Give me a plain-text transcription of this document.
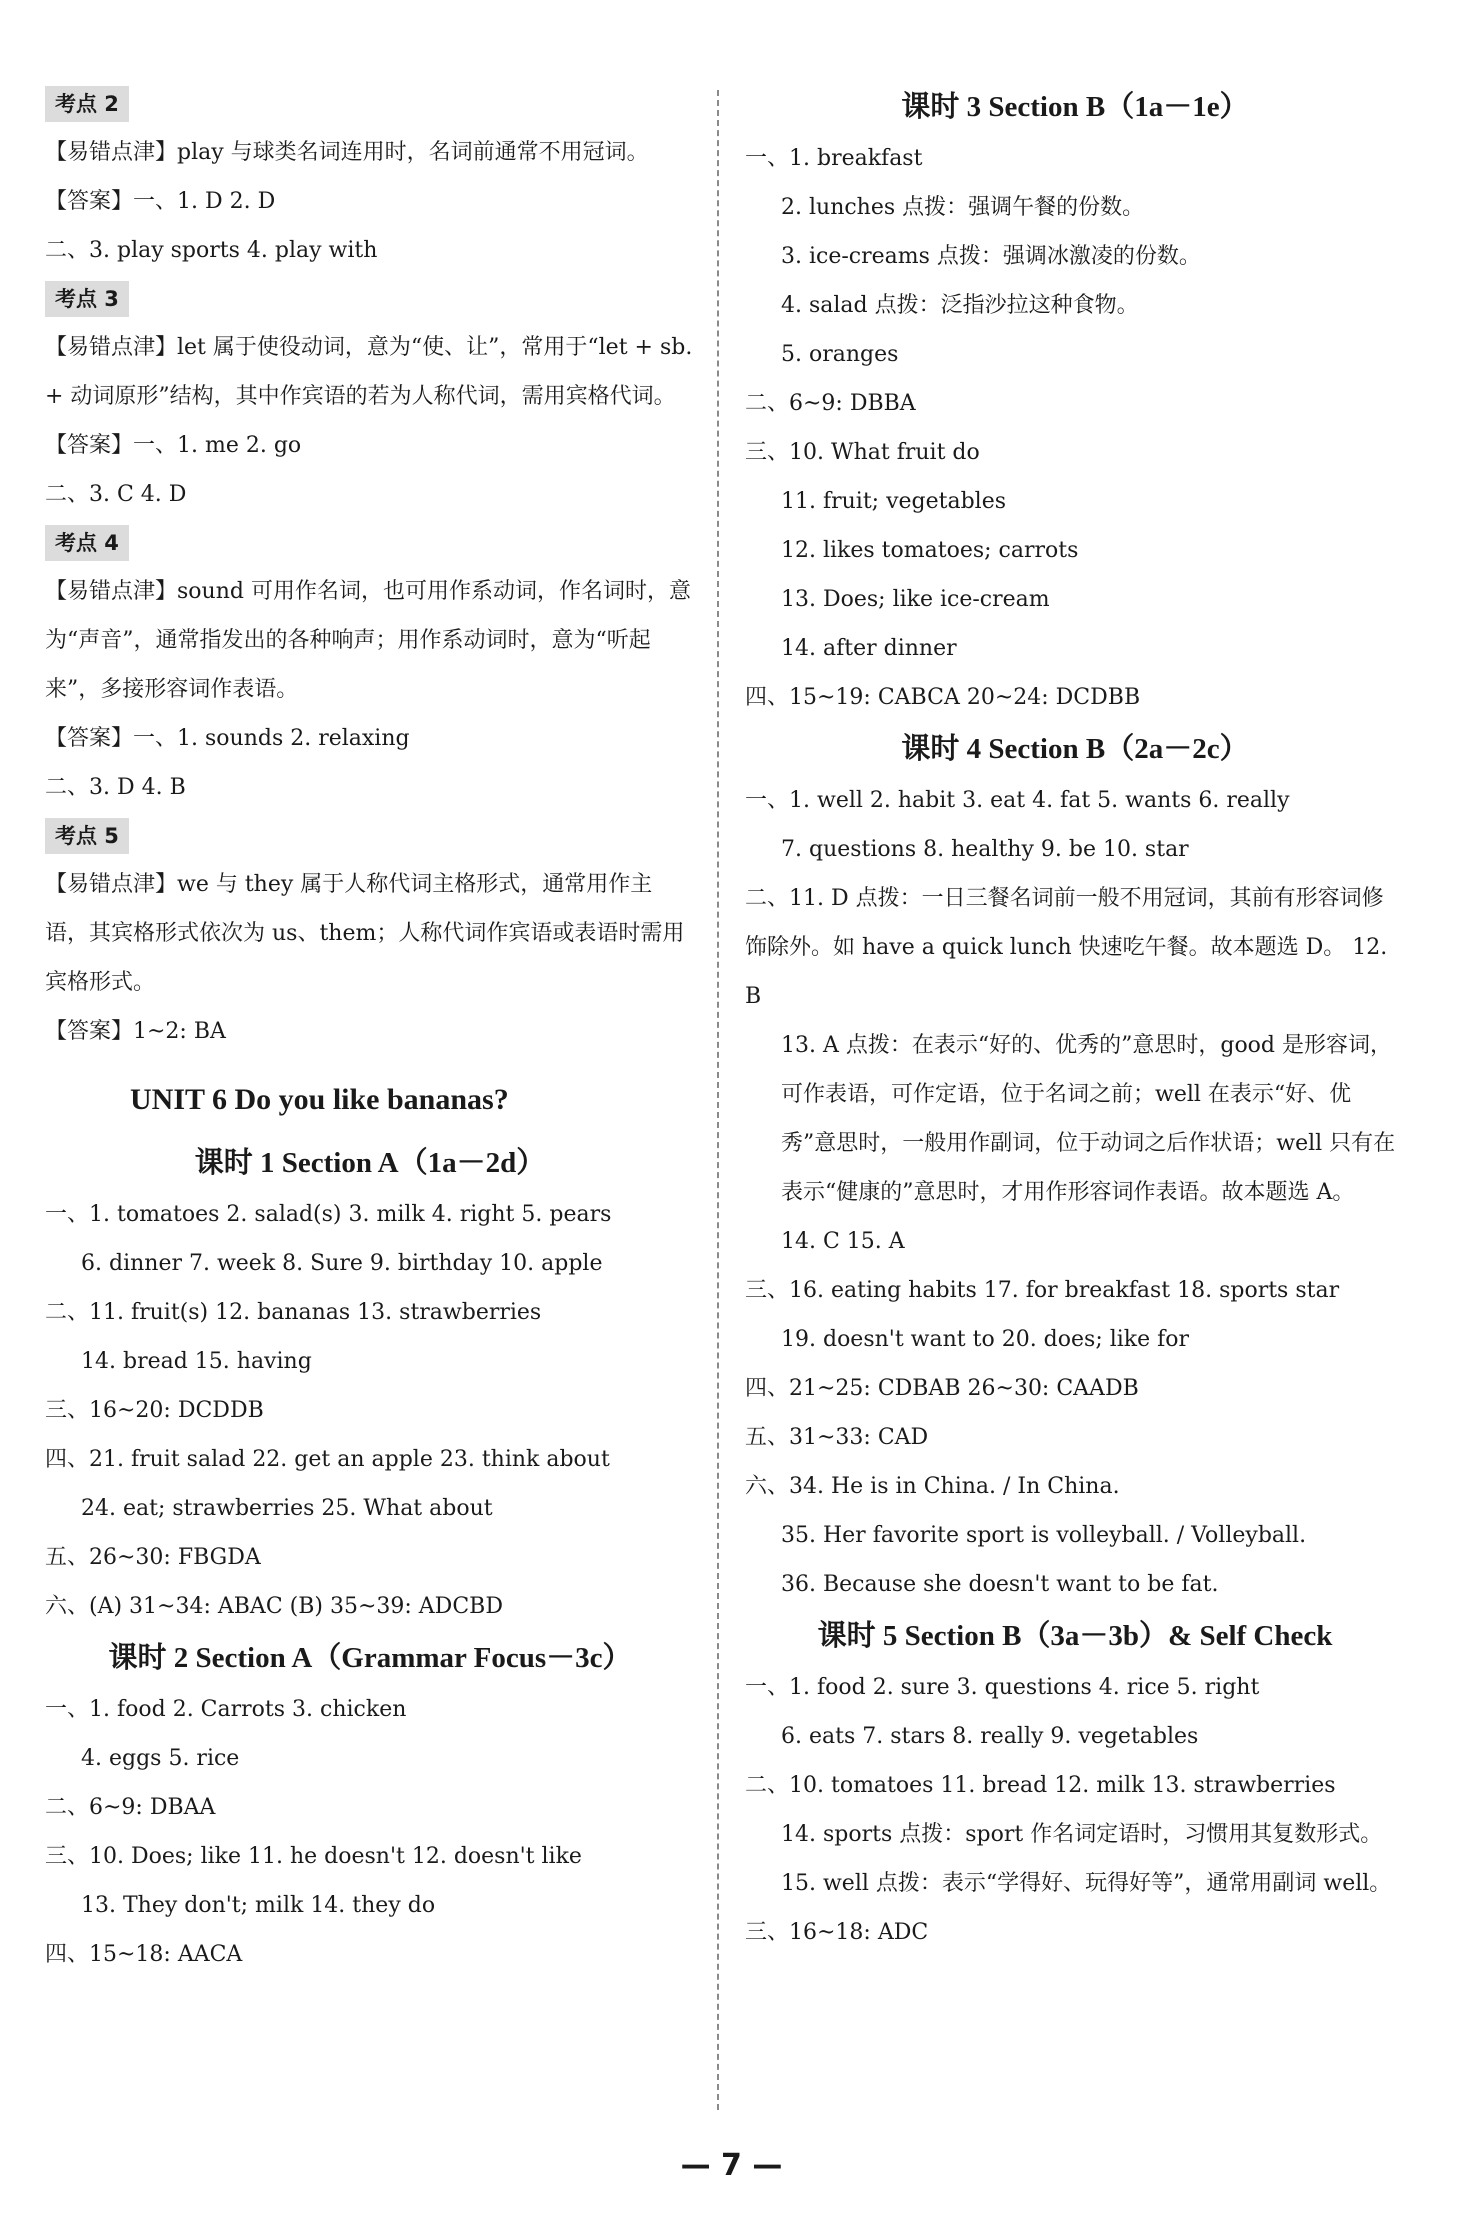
考点 2
【易错点津】play 与球类名词连用时，名词前通常不用冠词。
【答案】一、1. D 2. D
二、3. play sports 4. play with
考点 3
【易错点津】let 属于使役动词，意为“使、让”，常用于“let + sb. + 动词原形”结构，其中作宾语的若为人称代词，需用宾格代词。
【答案】一、1. me 2. go
二、3. C 4. D
考点 4
【易错点津】sound 可用作名词，也可用作系动词，作名词时，意为“声音”，通常指发出的各种响声；用作系动词时，意为“听起来”，多接形容词作表语。
【答案】一、1. sounds 2. relaxing
二、3. D 4. B
考点 5
【易错点津】we 与 they 属于人称代词主格形式，通常用作主语，其宾格形式依次为 us、them；人称代词作宾语或表语时需用宾格形式。
【答案】1~2: BA
UNIT 6 Do you like bananas?
课时 1 Section A（1a－2d）
一、1. tomatoes 2. salad(s) 3. milk 4. right 5. pears
6. dinner 7. week 8. Sure 9. birthday 10. apple
二、11. fruit(s) 12. bananas 13. strawberries
14. bread 15. having
三、16~20: DCDDB
四、21. fruit salad 22. get an apple 23. think about
24. eat; strawberries 25. What about
五、26~30: FBGDA
六、(A) 31~34: ABAC (B) 35~39: ADCBD
课时 2 Section A（Grammar Focus－3c）
一、1. food 2. Carrots 3. chicken
4. eggs 5. rice
二、6~9: DBAA
三、10. Does; like 11. he doesn't 12. doesn't like
13. They don't; milk 14. they do
四、15~18: AACA
课时 3 Section B（1a－1e）
一、1. breakfast
2. lunches 点拨：强调午餐的份数。
3. ice-creams 点拨：强调冰激凌的份数。
4. salad 点拨：泛指沙拉这种食物。
5. oranges
二、6~9: DBBA
三、10. What fruit do
11. fruit; vegetables
12. likes tomatoes; carrots
13. Does; like ice-cream
14. after dinner
四、15~19: CABCA 20~24: DCDBB
课时 4 Section B（2a－2c）
一、1. well 2. habit 3. eat 4. fat 5. wants 6. really
7. questions 8. healthy 9. be 10. star
二、11. D 点拨：一日三餐名词前一般不用冠词，其前有形容词修饰除外。如 have a quick lunch 快速吃午餐。故本题选 D。 12. B
13. A 点拨：在表示“好的、优秀的”意思时，good 是形容词，可作表语，可作定语，位于名词之前；well 在表示“好、优秀”意思时，一般用作副词，位于动词之后作状语；well 只有在表示“健康的”意思时，才用作形容词作表语。故本题选 A。
14. C 15. A
三、16. eating habits 17. for breakfast 18. sports star
19. doesn't want to 20. does; like for
四、21~25: CDBAB 26~30: CAADB
五、31~33: CAD
六、34. He is in China. / In China.
35. Her favorite sport is volleyball. / Volleyball.
36. Because she doesn't want to be fat.
课时 5 Section B（3a－3b）& Self Check
一、1. food 2. sure 3. questions 4. rice 5. right
6. eats 7. stars 8. really 9. vegetables
二、10. tomatoes 11. bread 12. milk 13. strawberries
14. sports 点拨：sport 作名词定语时，习惯用其复数形式。
15. well 点拨：表示“学得好、玩得好等”，通常用副词 well。
三、16~18: ADC
— 7 —
